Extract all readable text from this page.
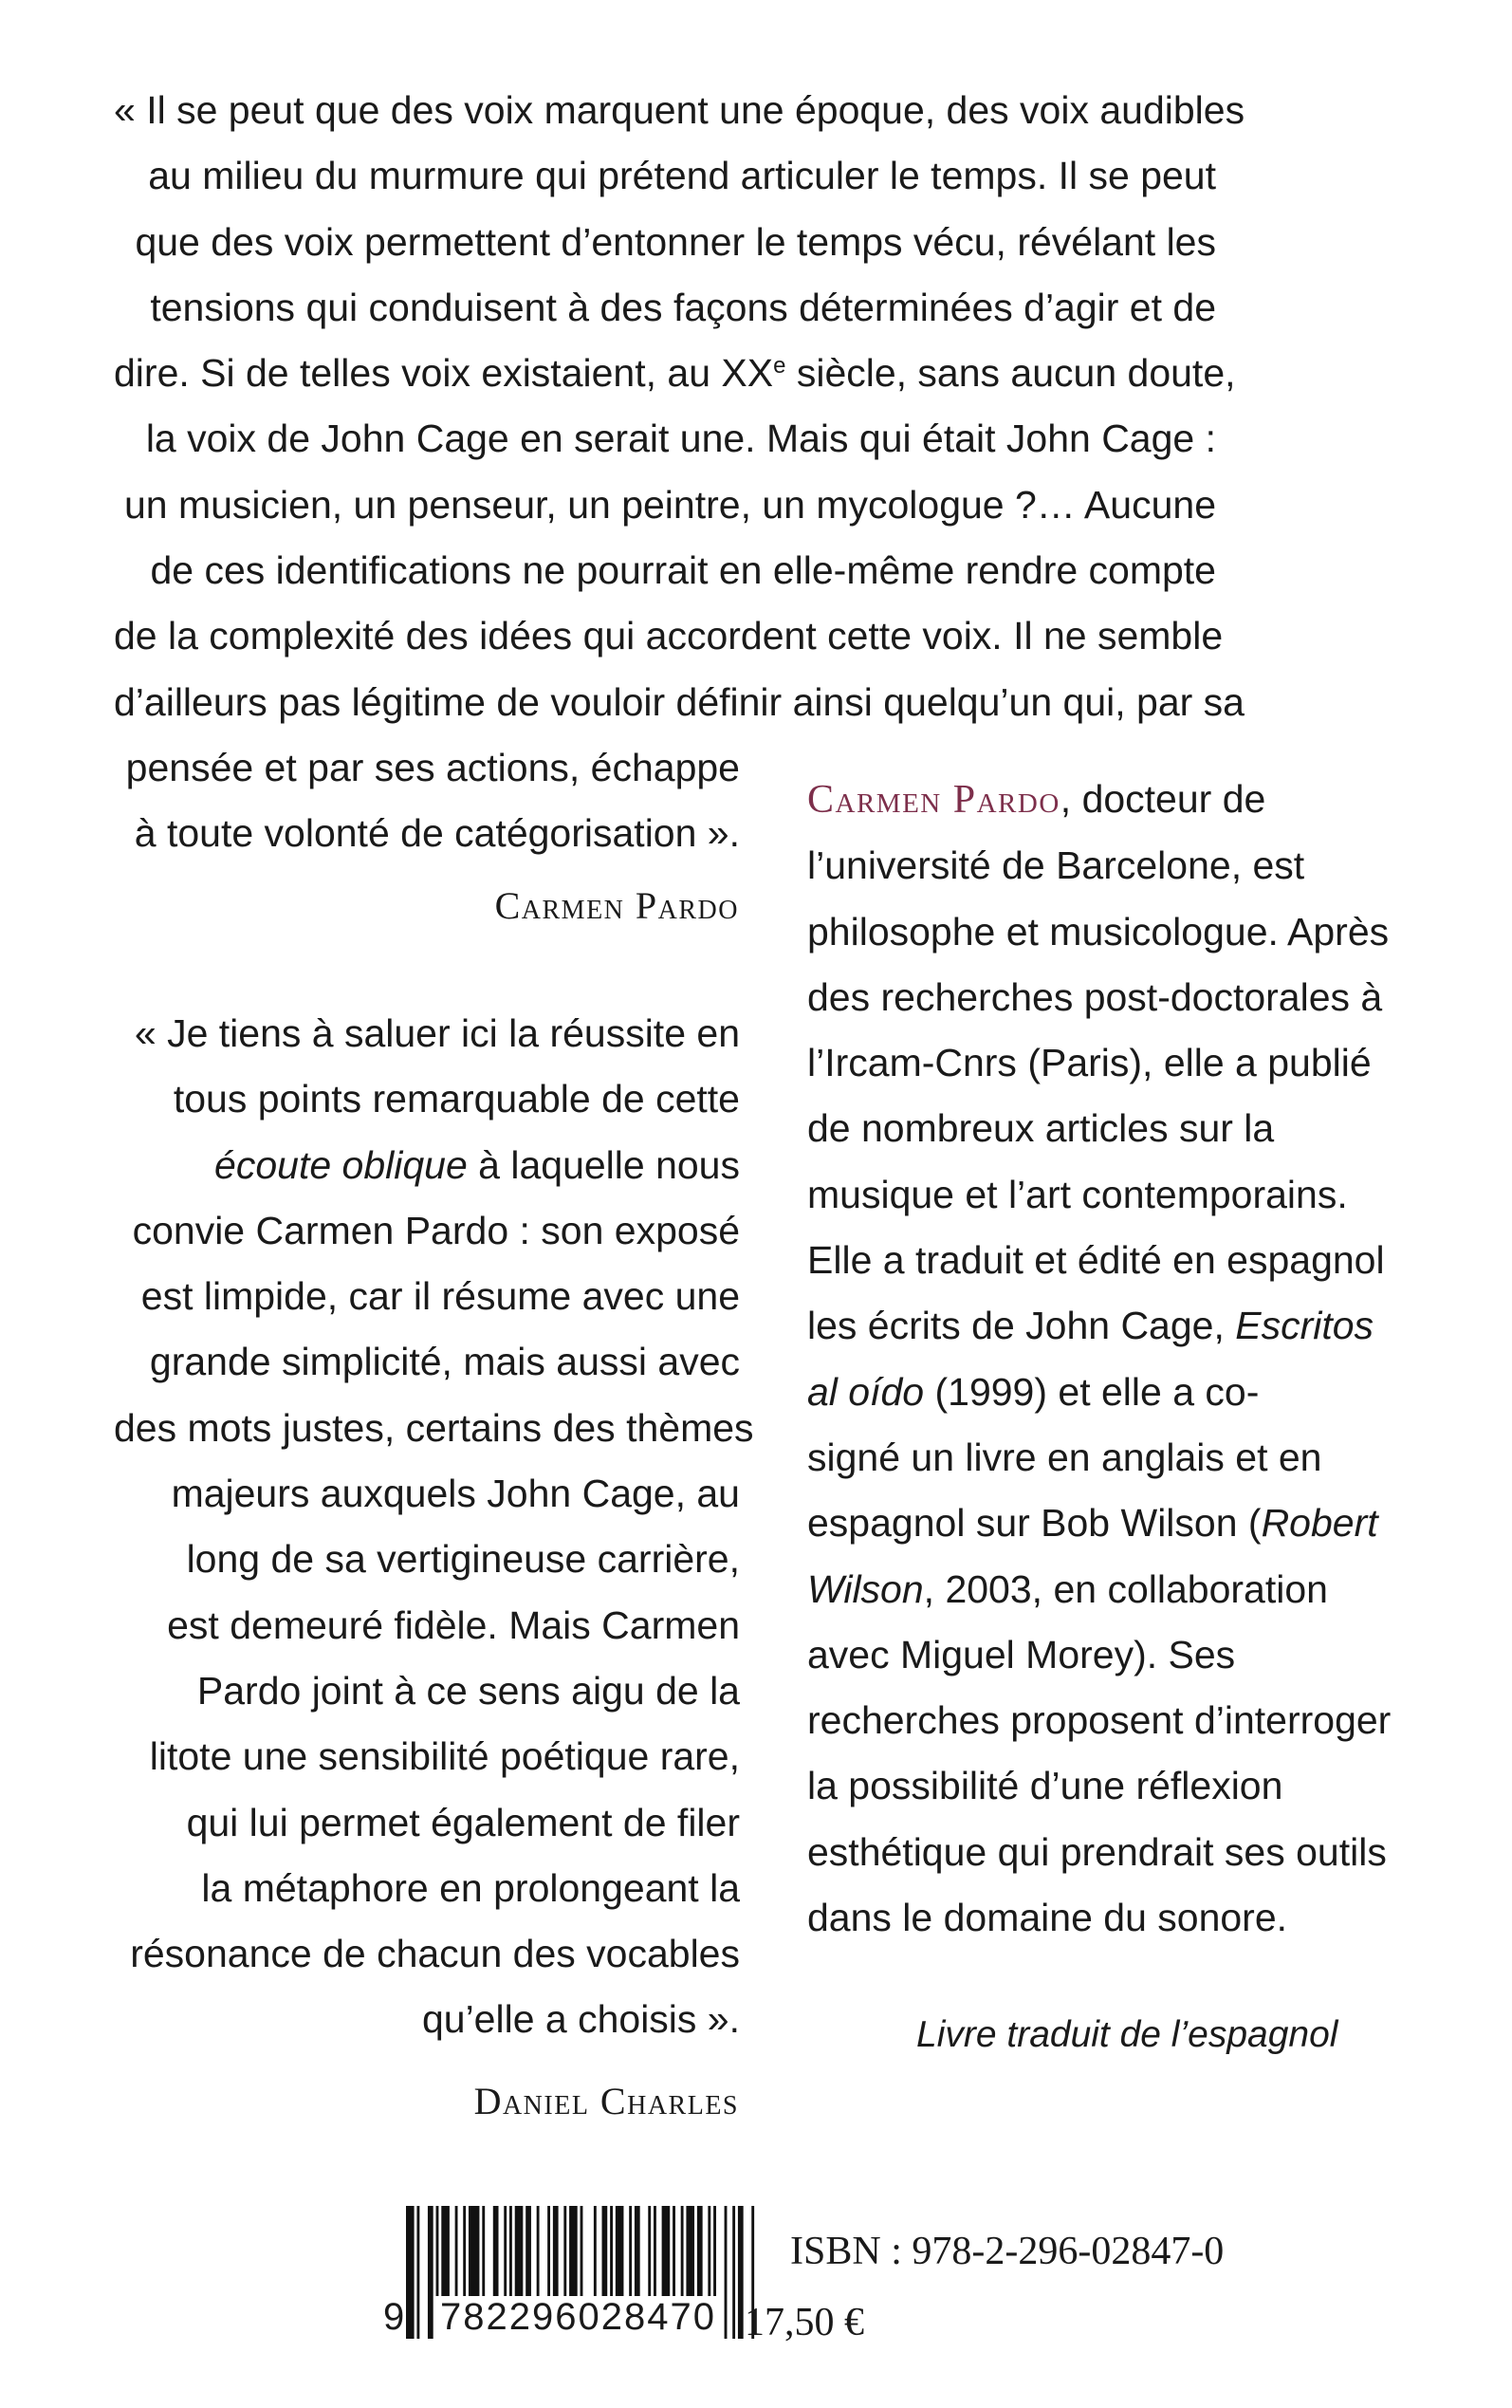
« Il se peut que des voix marquent une époque, des voix audibles
au milieu du murmure qui prétend articuler le temps. Il se peut
que des voix permettent d’entonner le temps vécu, révélant les
tensions qui conduisent à des façons déterminées d’agir et de
dire. Si de telles voix existaient, au XXe siècle, sans aucun doute,
la voix de John Cage en serait une. Mais qui était John Cage :
un musicien, un penseur, un peintre, un mycologue ?… Aucune
de ces identifications ne pourrait en elle-même rendre compte
de la complexité des idées qui accordent cette voix. Il ne semble
d’ailleurs pas légitime de vouloir définir ainsi quelqu’un qui, par sa
pensée et par ses actions, échappe
à toute volonté de catégorisation ».
Carmen Pardo
« Je tiens à saluer ici la réussite en
tous points remarquable de cette
écoute oblique à laquelle nous
convie Carmen Pardo : son exposé
est limpide, car il résume avec une
grande simplicité, mais aussi avec
des mots justes, certains des thèmes
majeurs auxquels John Cage, au
long de sa vertigineuse carrière,
est demeuré fidèle. Mais Carmen
Pardo joint à ce sens aigu de la
litote une sensibilité poétique rare,
qui lui permet également de filer
la métaphore en prolongeant la
résonance de chacun des vocables
qu’elle a choisis ».
Daniel Charles
Carmen Pardo, docteur de
l’université de Barcelone, est
philosophe et musicologue. Après
des recherches post-doctorales à
l’Ircam-Cnrs (Paris), elle a publié
de nombreux articles sur la
musique et l’art contemporains.
Elle a traduit et édité en espagnol
les écrits de John Cage, Escritos
al oído (1999) et elle a co-
signé un livre en anglais et en
espagnol sur Bob Wilson (Robert
Wilson, 2003, en collaboration
avec Miguel Morey). Ses
recherches proposent d’interroger
la possibilité d’une réflexion
esthétique qui prendrait ses outils
dans le domaine du sonore.
Livre traduit de l’espagnol
9 782296028470
ISBN : 978-2-296-02847-0
17,50 €
